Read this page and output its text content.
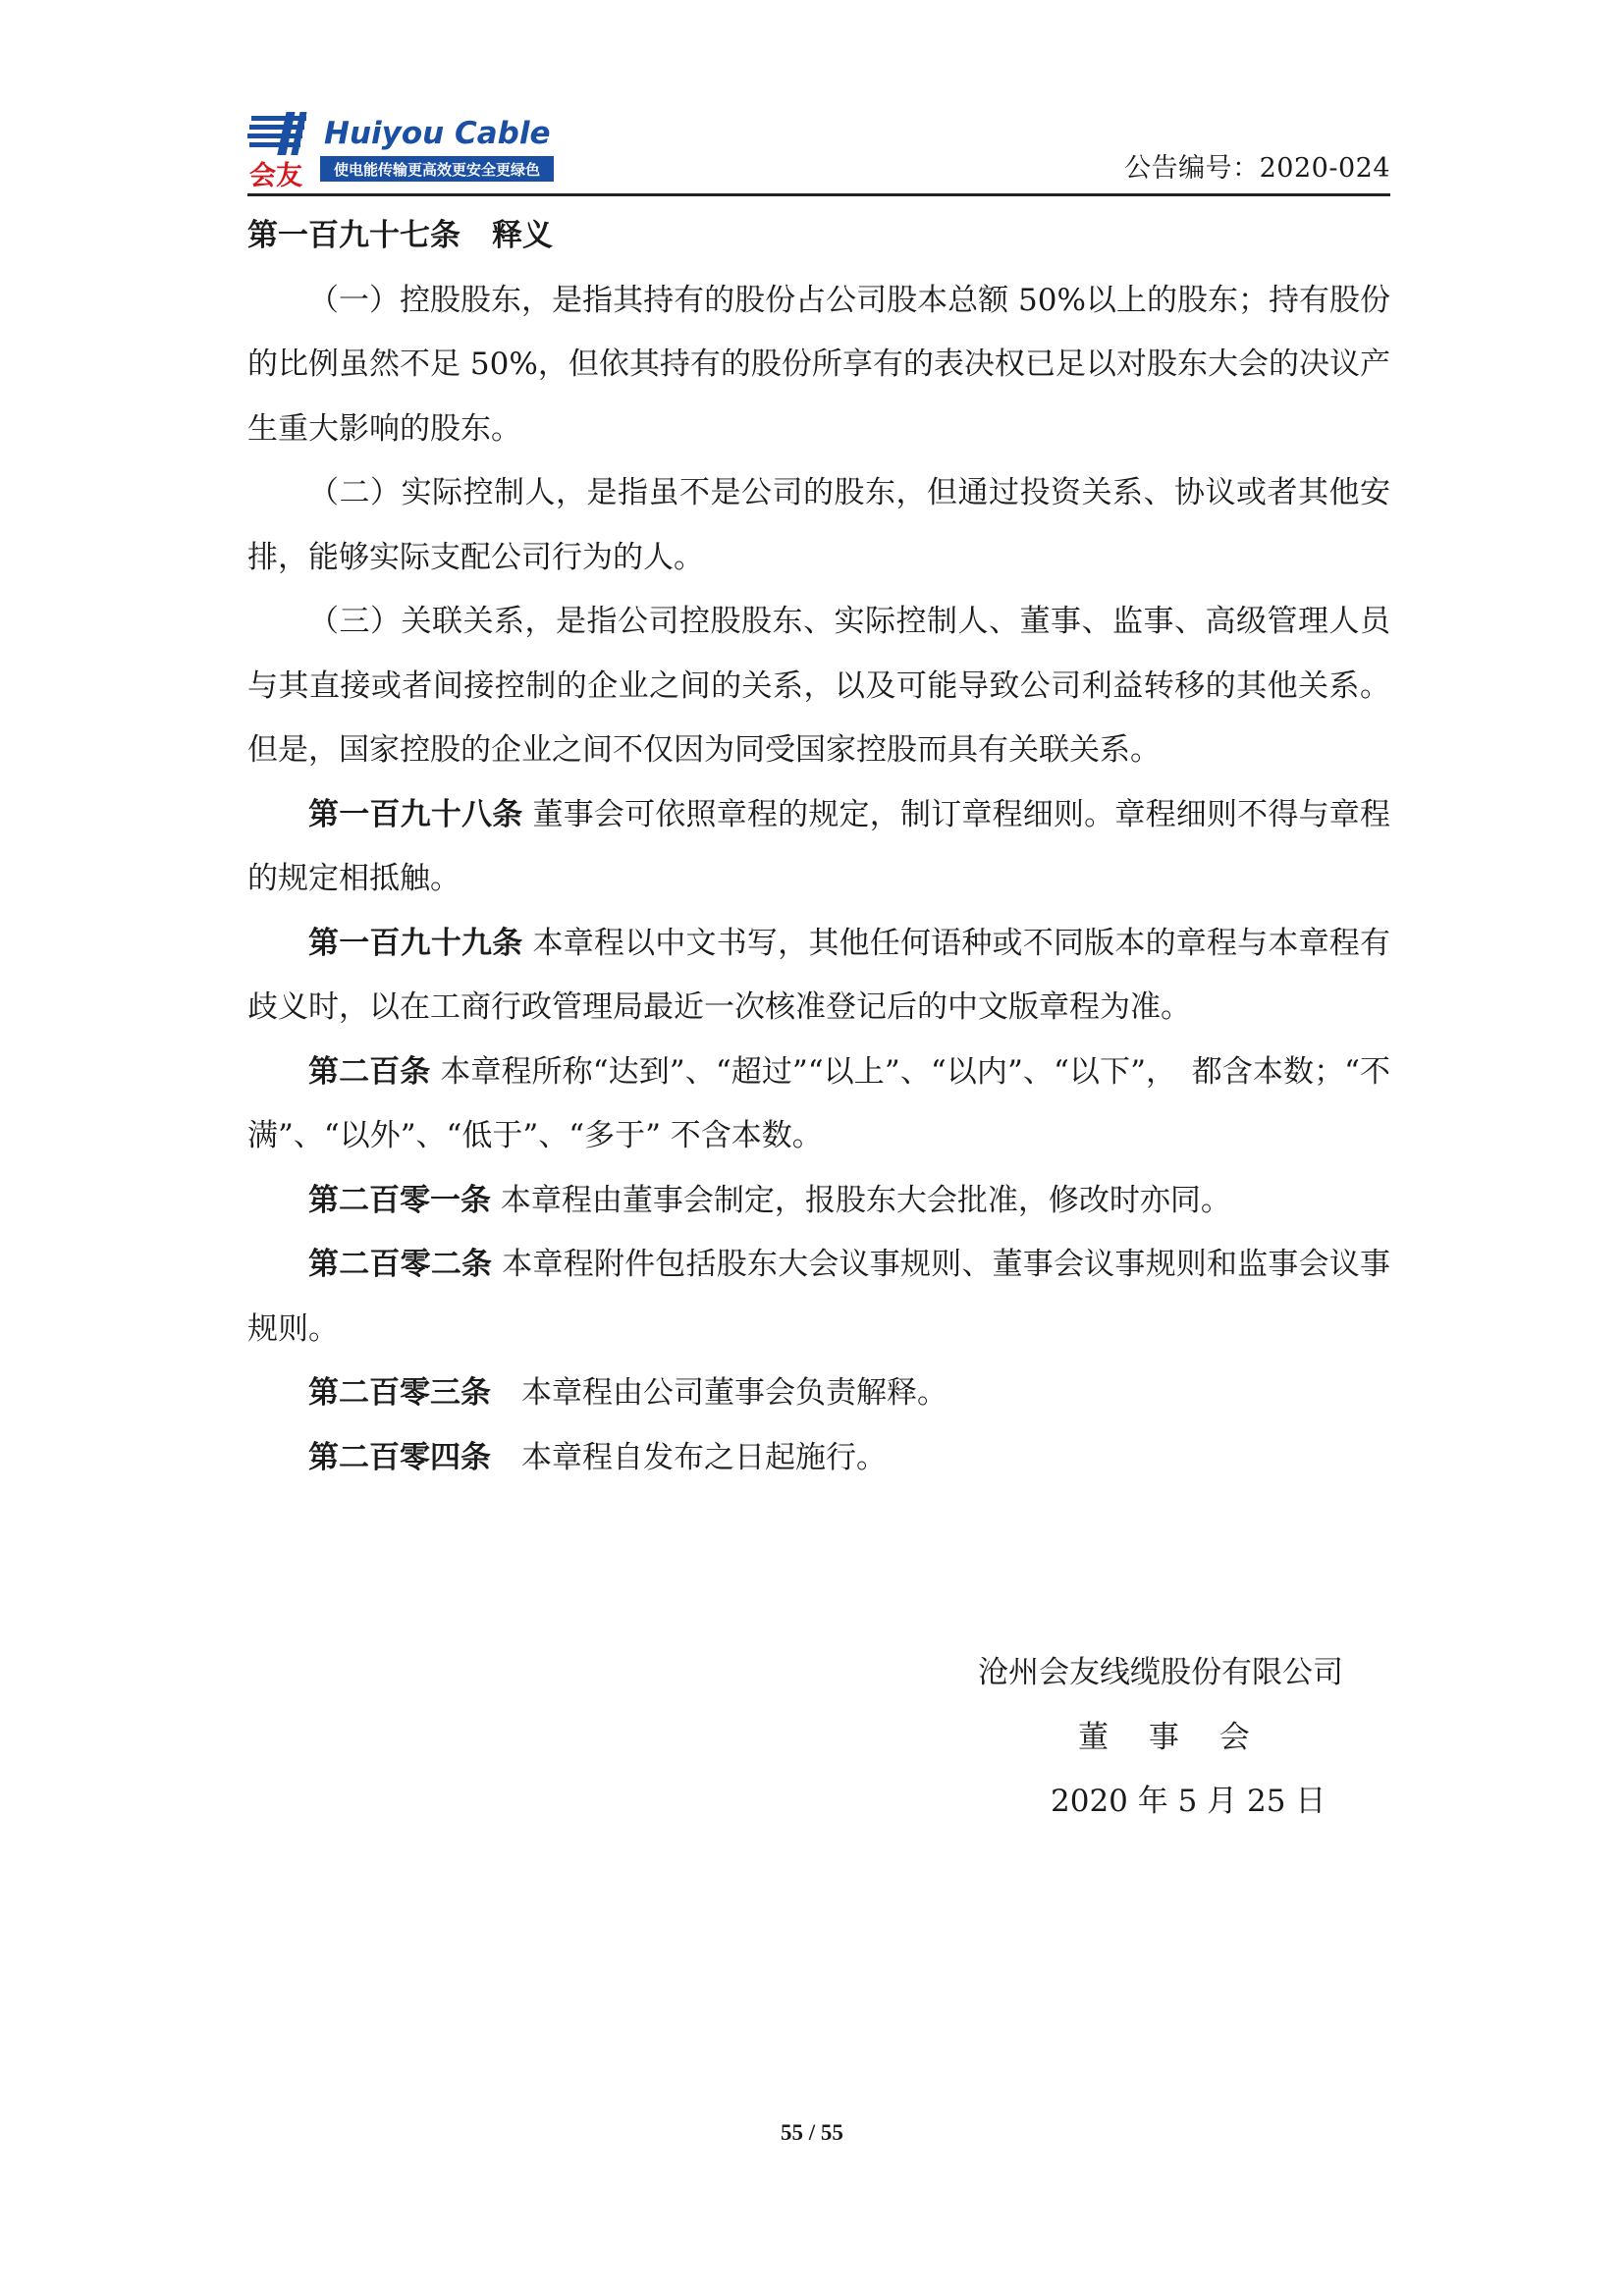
Huiyou Cable
会友 使电能传输更高效更安全更绿色	公告编号：2020-024

第一百九十七条 释义

（一）控股股东，是指其持有的股份占公司股本总额 50%以上的股东；持有股份的比例虽然不足 50%，但依其持有的股份所享有的表决权已足以对股东大会的决议产生重大影响的股东。

（二）实际控制人，是指虽不是公司的股东，但通过投资关系、协议或者其他安排，能够实际支配公司行为的人。

（三）关联关系，是指公司控股股东、实际控制人、董事、监事、高级管理人员与其直接或者间接控制的企业之间的关系，以及可能导致公司利益转移的其他关系。但是，国家控股的企业之间不仅因为同受国家控股而具有关联关系。

第一百九十八条 董事会可依照章程的规定，制订章程细则。章程细则不得与章程的规定相抵触。

第一百九十九条 本章程以中文书写，其他任何语种或不同版本的章程与本章程有歧义时，以在工商行政管理局最近一次核准登记后的中文版章程为准。

第二百条 本章程所称“达到”、“超过”“以上”、“以内”、“以下”，　都含本数；“不满”、“以外”、“低于”、“多于” 不含本数。

第二百零一条 本章程由董事会制定，报股东大会批准，修改时亦同。

第二百零二条 本章程附件包括股东大会议事规则、董事会议事规则和监事会议事规则。

第二百零三条　本章程由公司董事会负责解释。

第二百零四条　本章程自发布之日起施行。

沧州会友线缆股份有限公司
董　 事　 会
2020 年 5 月 25 日
55 / 55
